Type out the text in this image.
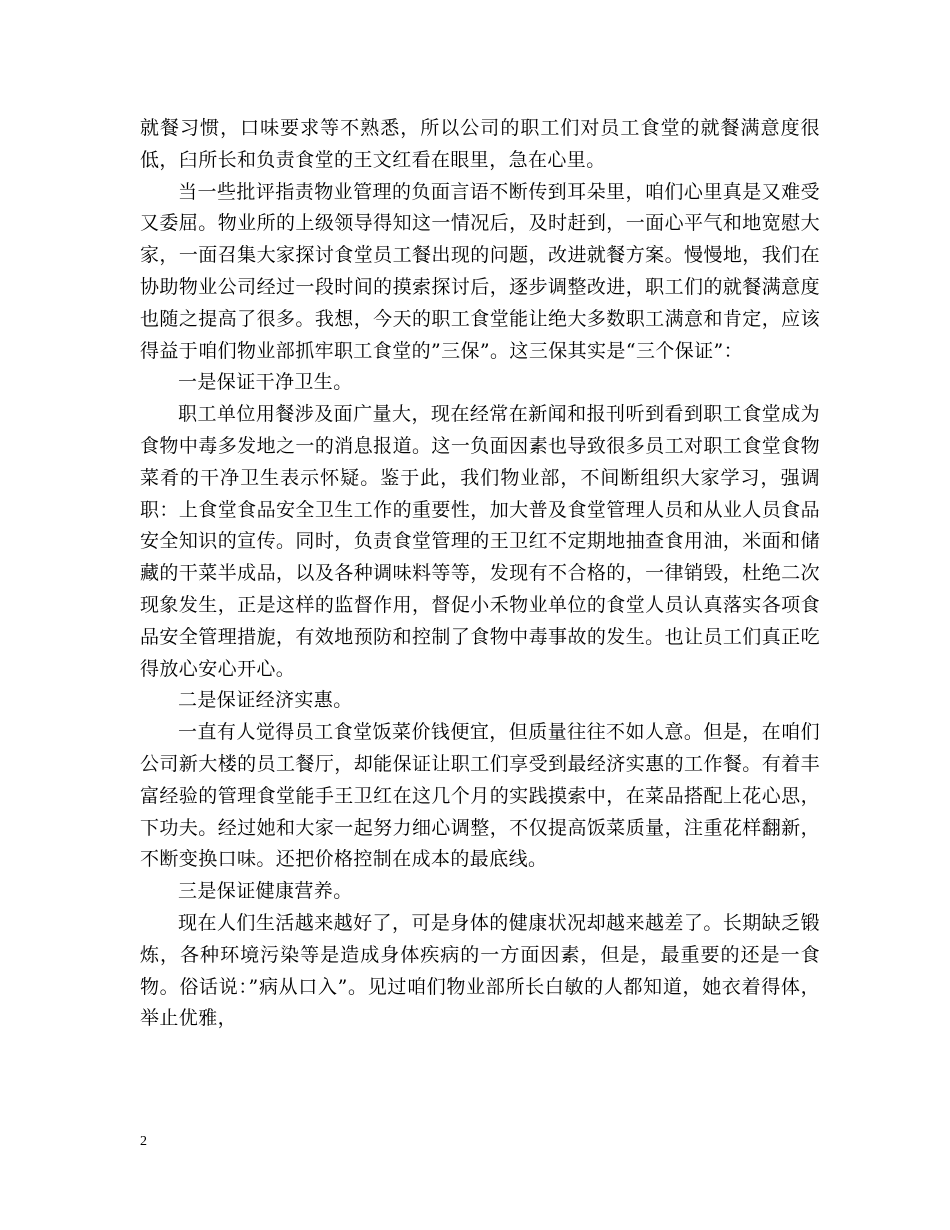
就餐习惯，口味要求等不熟悉，所以公司的职工们对员工食堂的就餐满意度很低，臼所长和负责食堂的王文红看在眼里，急在心里。

当一些批评指责物业管理的负面言语不断传到耳朵里，咱们心里真是又难受又委屈。物业所的上级领导得知这一情况后，及时赶到，一面心平气和地宽慰大家，一面召集大家探讨食堂员工餐出现的问题，改进就餐方案。慢慢地，我们在协助物业公司经过一段时间的摸索探讨后，逐步调整改进，职工们的就餐满意度也随之提高了很多。我想，今天的职工食堂能让绝大多数职工满意和肯定，应该得益于咱们物业部抓牢职工食堂的”三保”。这三保其实是“三个保证”：

一是保证干净卫生。

职工单位用餐涉及面广量大，现在经常在新闻和报刊听到看到职工食堂成为食物中毒多发地之一的消息报道。这一负面因素也导致很多员工对职工食堂食物菜肴的干净卫生表示怀疑。鉴于此，我们物业部，不间断组织大家学习，强调职：上食堂食品安全卫生工作的重要性，加大普及食堂管理人员和从业人员食品安全知识的宣传。同时，负责食堂管理的王卫红不定期地抽查食用油，米面和储藏的干菜半成品，以及各种调味料等等，发现有不合格的，一律销毁，杜绝二次现象发生，正是这样的监督作用，督促小禾物业单位的食堂人员认真落实各项食品安全管理措旎，有效地预防和控制了食物中毒事故的发生。也让员工们真正吃得放心安心开心。

二是保证经济实惠。

一直有人觉得员工食堂饭菜价钱便宜，但质量往往不如人意。但是，在咱们公司新大楼的员工餐厅，却能保证让职工们享受到最经济实惠的工作餐。有着丰富经验的管理食堂能手王卫红在这几个月的实践摸索中，在菜品搭配上花心思，下功夫。经过她和大家一起努力细心调整，不仅提高饭菜质量，注重花样翻新，不断变换口味。还把价格控制在成本的最底线。

三是保证健康营养。

现在人们生活越来越好了，可是身体的健康状况却越来越差了。长期缺乏锻炼，各种环境污染等是造成身体疾病的一方面因素，但是，最重要的还是一食物。俗话说：”病从口入”。见过咱们物业部所长白敏的人都知道，她衣着得体，举止优雅，

2
